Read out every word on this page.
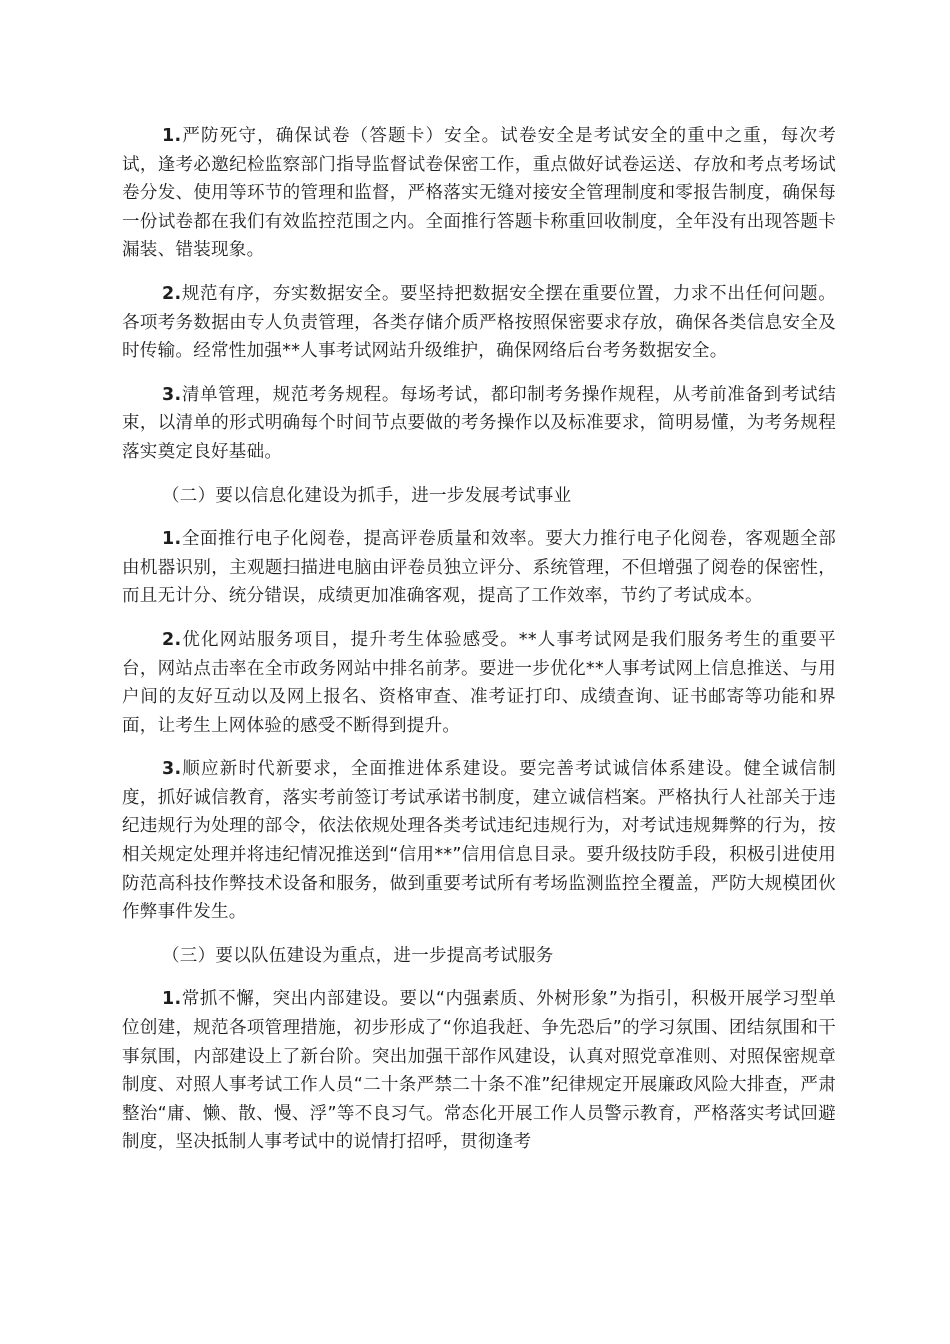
1.严防死守，确保试卷（答题卡）安全。试卷安全是考试安全的重中之重，每次考试，逢考必邀纪检监察部门指导监督试卷保密工作，重点做好试卷运送、存放和考点考场试卷分发、使用等环节的管理和监督，严格落实无缝对接安全管理制度和零报告制度，确保每一份试卷都在我们有效监控范围之内。全面推行答题卡称重回收制度，全年没有出现答题卡漏装、错装现象。

2.规范有序，夯实数据安全。要坚持把数据安全摆在重要位置，力求不出任何问题。各项考务数据由专人负责管理，各类存储介质严格按照保密要求存放，确保各类信息安全及时传输。经常性加强**人事考试网站升级维护，确保网络后台考务数据安全。

3.清单管理，规范考务规程。每场考试，都印制考务操作规程，从考前准备到考试结束，以清单的形式明确每个时间节点要做的考务操作以及标准要求，简明易懂，为考务规程落实奠定良好基础。

（二）要以信息化建设为抓手，进一步发展考试事业

1.全面推行电子化阅卷，提高评卷质量和效率。要大力推行电子化阅卷，客观题全部由机器识别，主观题扫描进电脑由评卷员独立评分、系统管理，不但增强了阅卷的保密性，而且无计分、统分错误，成绩更加准确客观，提高了工作效率，节约了考试成本。

2.优化网站服务项目，提升考生体验感受。**人事考试网是我们服务考生的重要平台，网站点击率在全市政务网站中排名前茅。要进一步优化**人事考试网上信息推送、与用户间的友好互动以及网上报名、资格审查、准考证打印、成绩查询、证书邮寄等功能和界面，让考生上网体验的感受不断得到提升。

3.顺应新时代新要求，全面推进体系建设。要完善考试诚信体系建设。健全诚信制度，抓好诚信教育，落实考前签订考试承诺书制度，建立诚信档案。严格执行人社部关于违纪违规行为处理的部令，依法依规处理各类考试违纪违规行为，对考试违规舞弊的行为，按相关规定处理并将违纪情况推送到“信用**”信用信息目录。要升级技防手段，积极引进使用防范高科技作弊技术设备和服务，做到重要考试所有考场监测监控全覆盖，严防大规模团伙作弊事件发生。

（三）要以队伍建设为重点，进一步提高考试服务

1.常抓不懈，突出内部建设。要以“内强素质、外树形象”为指引，积极开展学习型单位创建，规范各项管理措施，初步形成了“你追我赶、争先恐后”的学习氛围、团结氛围和干事氛围，内部建设上了新台阶。突出加强干部作风建设，认真对照党章准则、对照保密规章制度、对照人事考试工作人员“二十条严禁二十条不准”纪律规定开展廉政风险大排查，严肃整治“庸、懒、散、慢、浮”等不良习气。常态化开展工作人员警示教育，严格落实考试回避制度，坚决抵制人事考试中的说情打招呼，贯彻逢考
